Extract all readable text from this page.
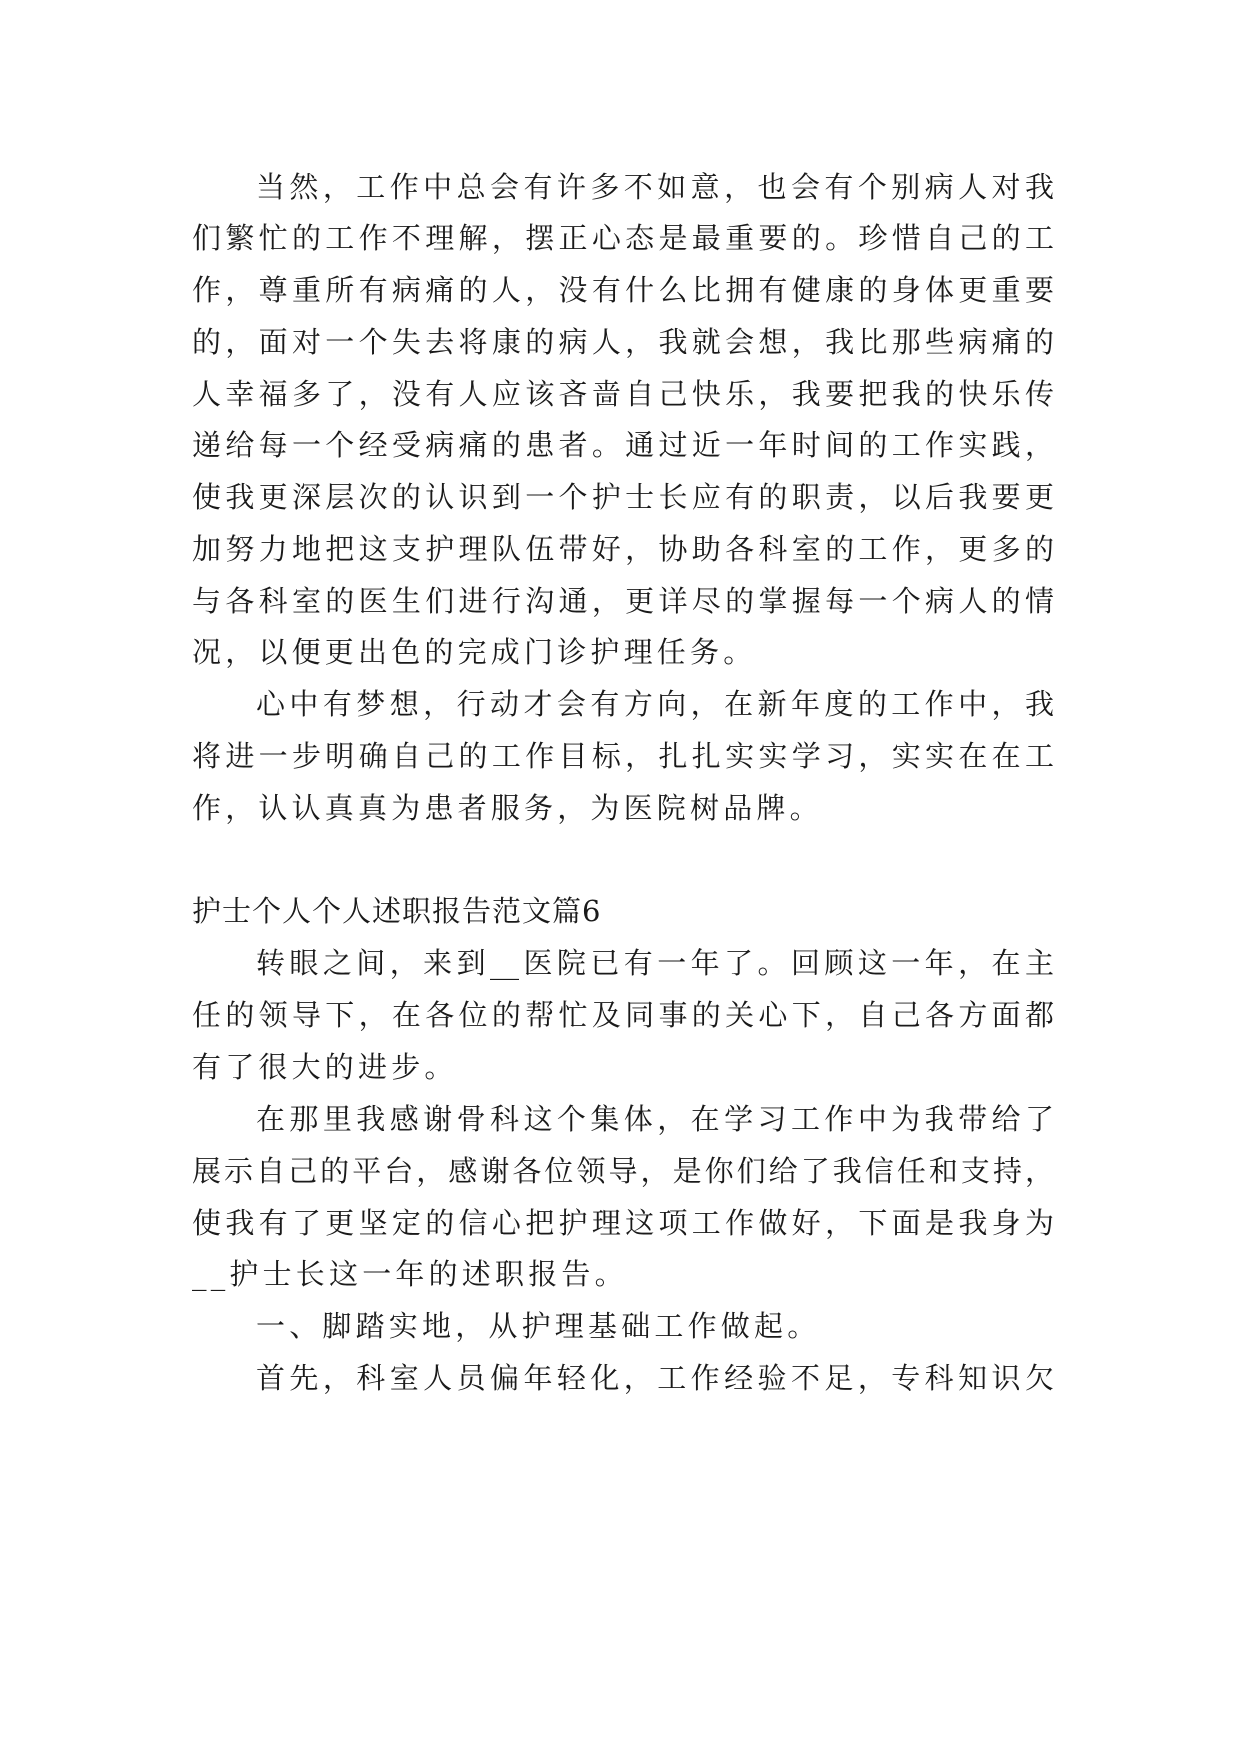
当然，工作中总会有许多不如意，也会有个别病人对我
们繁忙的工作不理解，摆正心态是最重要的。珍惜自己的工
作，尊重所有病痛的人，没有什么比拥有健康的身体更重要
的，面对一个失去将康的病人，我就会想，我比那些病痛的
人幸福多了，没有人应该吝啬自己快乐，我要把我的快乐传
递给每一个经受病痛的患者。通过近一年时间的工作实践，
使我更深层次的认识到一个护士长应有的职责，以后我要更
加努力地把这支护理队伍带好，协助各科室的工作，更多的
与各科室的医生们进行沟通，更详尽的掌握每一个病人的情
况，以便更出色的完成门诊护理任务。
心中有梦想，行动才会有方向，在新年度的工作中，我
将进一步明确自己的工作目标，扎扎实实学习，实实在在工
作，认认真真为患者服务，为医院树品牌。
护士个人个人述职报告范文篇6
转眼之间，来到__医院已有一年了。回顾这一年，在主
任的领导下，在各位的帮忙及同事的关心下，自己各方面都
有了很大的进步。
在那里我感谢骨科这个集体，在学习工作中为我带给了
展示自己的平台，感谢各位领导，是你们给了我信任和支持，
使我有了更坚定的信心把护理这项工作做好，下面是我身为
__护士长这一年的述职报告。
一、脚踏实地，从护理基础工作做起。
首先，科室人员偏年轻化，工作经验不足，专科知识欠
